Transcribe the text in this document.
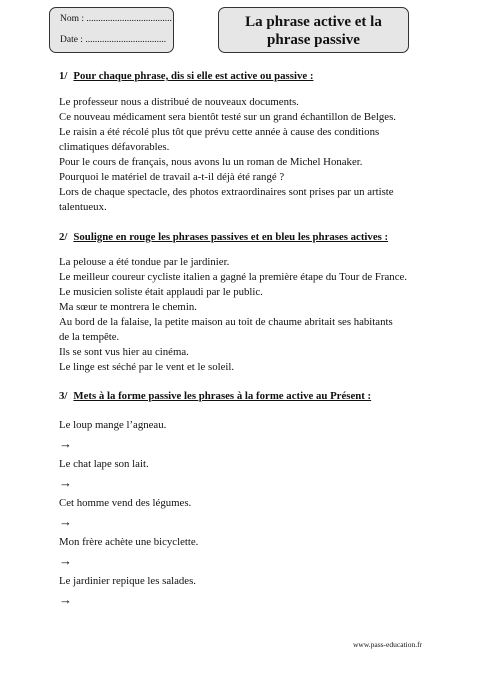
Nom : ....................................
Date : ..................................
La phrase active et la
phrase passive
1/ Pour chaque phrase, dis si elle est active ou passive :
Le professeur nous a distribué de nouveaux documents.
Ce nouveau médicament sera bientôt testé sur un grand échantillon de Belges.
Le raisin a été récolé plus tôt que prévu cette année à cause des conditions
climatiques défavorables.
Pour le cours de français, nous avons lu un roman de Michel Honaker.
Pourquoi le matériel de travail a-t-il déjà été rangé ?
Lors de chaque spectacle, des photos extraordinaires sont prises par un artiste
talentueux.
2/ Souligne en rouge les phrases passives et en bleu les phrases actives :
La pelouse a été tondue par le jardinier.
Le meilleur coureur cycliste italien a gagné la première étape du Tour de France.
Le musicien soliste était applaudi par le public.
Ma sœur te montrera le chemin.
Au bord de la falaise, la petite maison au toit de chaume abritait ses habitants
de la tempête.
Ils se sont vus hier au cinéma.
Le linge est séché par le vent et le soleil.
3/ Mets à la forme passive les phrases à la forme active au Présent :
Le loup mange l’agneau.
→
Le chat lape son lait.
→
Cet homme vend des légumes.
→
Mon frère achète une bicyclette.
→
Le jardinier repique les salades.
→
www.pass-education.fr
